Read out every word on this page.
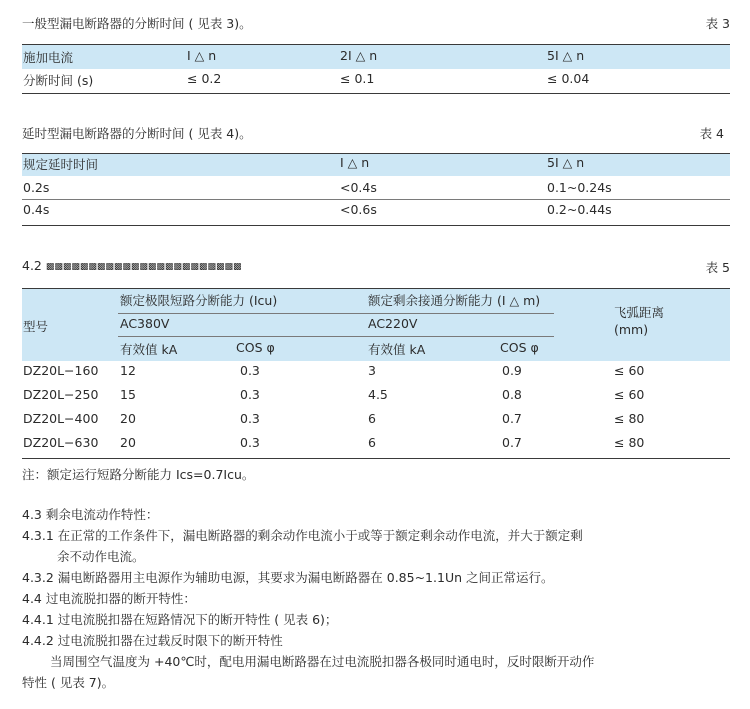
一般型漏电断路器的分断时间 ( 见表 3)。	表 3
施加电流	I △ n	2I △ n	5I △ n
分断时间 (s)	≤ 0.2	≤ 0.1	≤ 0.04
延时型漏电断路器的分断时间 ( 见表 4)。	表 4
规定延时时间	I △ n	5I △ n
0.2s	<0.4s	0.1~0.24s
0.4s	<0.6s	0.2~0.44s
4.2 ▩▩▩▩▩▩▩▩▩▩▩▩▩▩▩▩▩▩▩▩▩▩▩	表 5
型号
额定极限短路分断能力 (Icu)	额定剩余接通分断能力 (I △ m)
飞弧距离
(mm)
AC380V	AC220V
有效值 kA	COS φ	有效值 kA	COS φ
DZ20L−160 12	0.3	3	0.9	≤ 60
DZ20L−250 15	0.3	4.5	0.8	≤ 60
DZ20L−400 20	0.3	6	0.7	≤ 80
DZ20L−630 20	0.3	6	0.7	≤ 80
注：额定运行短路分断能力 Ics=0.7Icu。
4.3 剩余电流动作特性：
4.3.1 在正常的工作条件下，漏电断路器的剩余动作电流小于或等于额定剩余动作电流，并大于额定剩
余不动作电流。
4.3.2 漏电断路器用主电源作为辅助电源，其要求为漏电断路器在 0.85~1.1Un 之间正常运行。
4.4 过电流脱扣器的断开特性：
4.4.1 过电流脱扣器在短路情况下的断开特性 ( 见表 6)；
4.4.2 过电流脱扣器在过载反时限下的断开特性
当周围空气温度为 +40℃时，配电用漏电断路器在过电流脱扣器各极同时通电时，反时限断开动作
特性 ( 见表 7)。
